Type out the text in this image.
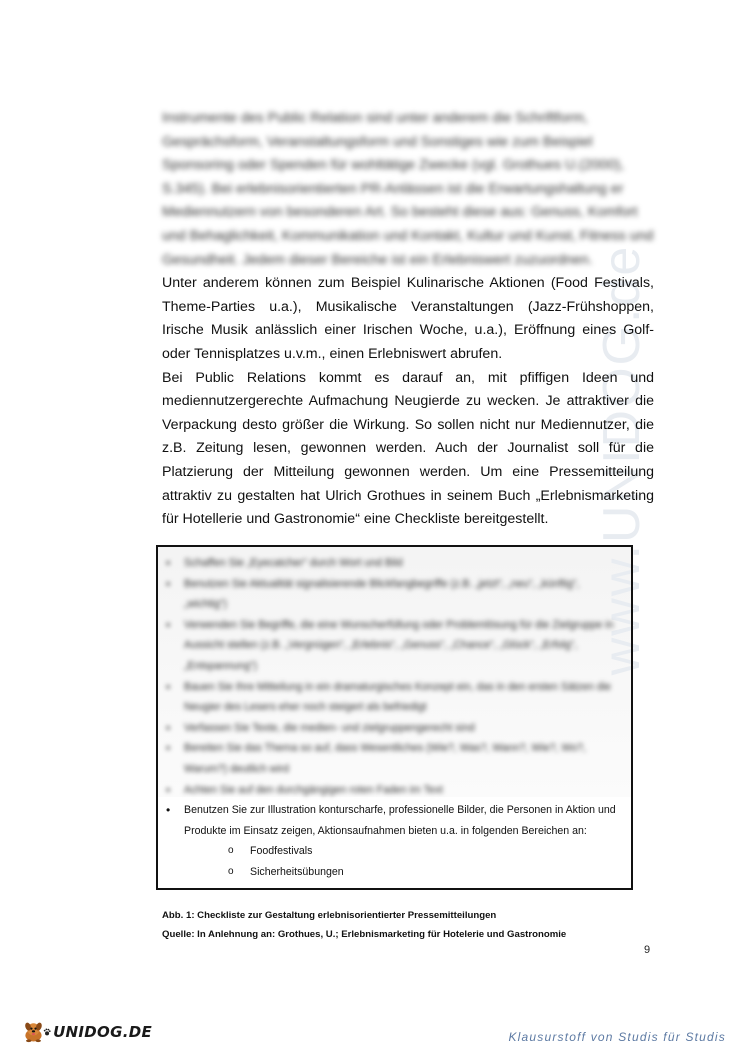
www.UNIDOG.de

Instrumente des Public Relation sind unter anderem die Schriftform,
Gesprächsform, Veranstaltungsform und Sonstiges wie zum Beispiel
Sponsoring oder Spenden für wohltätige Zwecke (vgl. Grothues U.(2000),
S.345). Bei erlebnisorientierten PR-Anlässen ist die Erwartungshaltung er
Mediennutzern von besonderen Art. So besteht diese aus: Genuss, Komfort
und Behaglichkeit, Kommunikation und Kontakt, Kultur und Kunst, Fitness und
Gesundheit. Jedem dieser Bereiche ist ein Erlebniswert zuzuordnen.

Unter anderem können zum Beispiel Kulinarische Aktionen (Food Festivals, Theme-Parties u.a.), Musikalische Veranstaltungen (Jazz-Frühshoppen, Irische Musik anlässlich einer Irischen Woche, u.a.), Eröffnung eines Golf- oder Tennisplatzes u.v.m., einen Erlebniswert abrufen.

Bei Public Relations kommt es darauf an, mit pfiffigen Ideen und mediennutzergerechte Aufmachung Neugierde zu wecken. Je attraktiver die Verpackung desto größer die Wirkung. So sollen nicht nur Mediennutzer, die z.B. Zeitung lesen, gewonnen werden. Auch der Journalist soll für die Platzierung der Mitteilung gewonnen werden. Um eine Pressemitteilung attraktiv zu gestalten hat Ulrich Grothues in seinem Buch „Erlebnismarketing für Hotellerie und Gastronomie“ eine Checkliste bereitgestellt.

• Schaffen Sie „Eyecatcher“ durch Wort und Bild
• Benutzen Sie Aktualität signalisierende Blickfangbegriffe (z.B. „jetzt“, „neu“, „künftig“, „wichtig“)
• Verwenden Sie Begriffe, die eine Wunscherfüllung oder Problemlösung für die Zielgruppe in Aussicht stellen (z.B. „Vergnügen“, „Erlebnis“, „Genuss“, „Chance“, „Glück“, „Erfolg“, „Entspannung“)
• Bauen Sie Ihre Mitteilung in ein dramaturgisches Konzept ein, das in den ersten Sätzen die Neugier des Lesers eher noch steigert als befriedigt
• Verfassen Sie Texte, die medien- und zielgruppengerecht sind
• Bereiten Sie das Thema so auf, dass Wesentliches (Wie?, Was?, Wann?, Wie?, Wo?, Warum?) deutlich wird
• Achten Sie auf den durchgängigen roten Faden im Text
• Benutzen Sie zur Illustration konturscharfe, professionelle Bilder, die Personen in Aktion und Produkte im Einsatz zeigen, Aktionsaufnahmen bieten u.a. in folgenden Bereichen an:
o Foodfestivals
o Sicherheitsübungen
Abb. 1: Checkliste zur Gestaltung erlebnisorientierter Pressemitteilungen
Quelle: In Anlehnung an: Grothues, U.; Erlebnismarketing für Hotelerie und Gastronomie
9
UNIDOG.DE	Klausurstoff von Studis für Studis
